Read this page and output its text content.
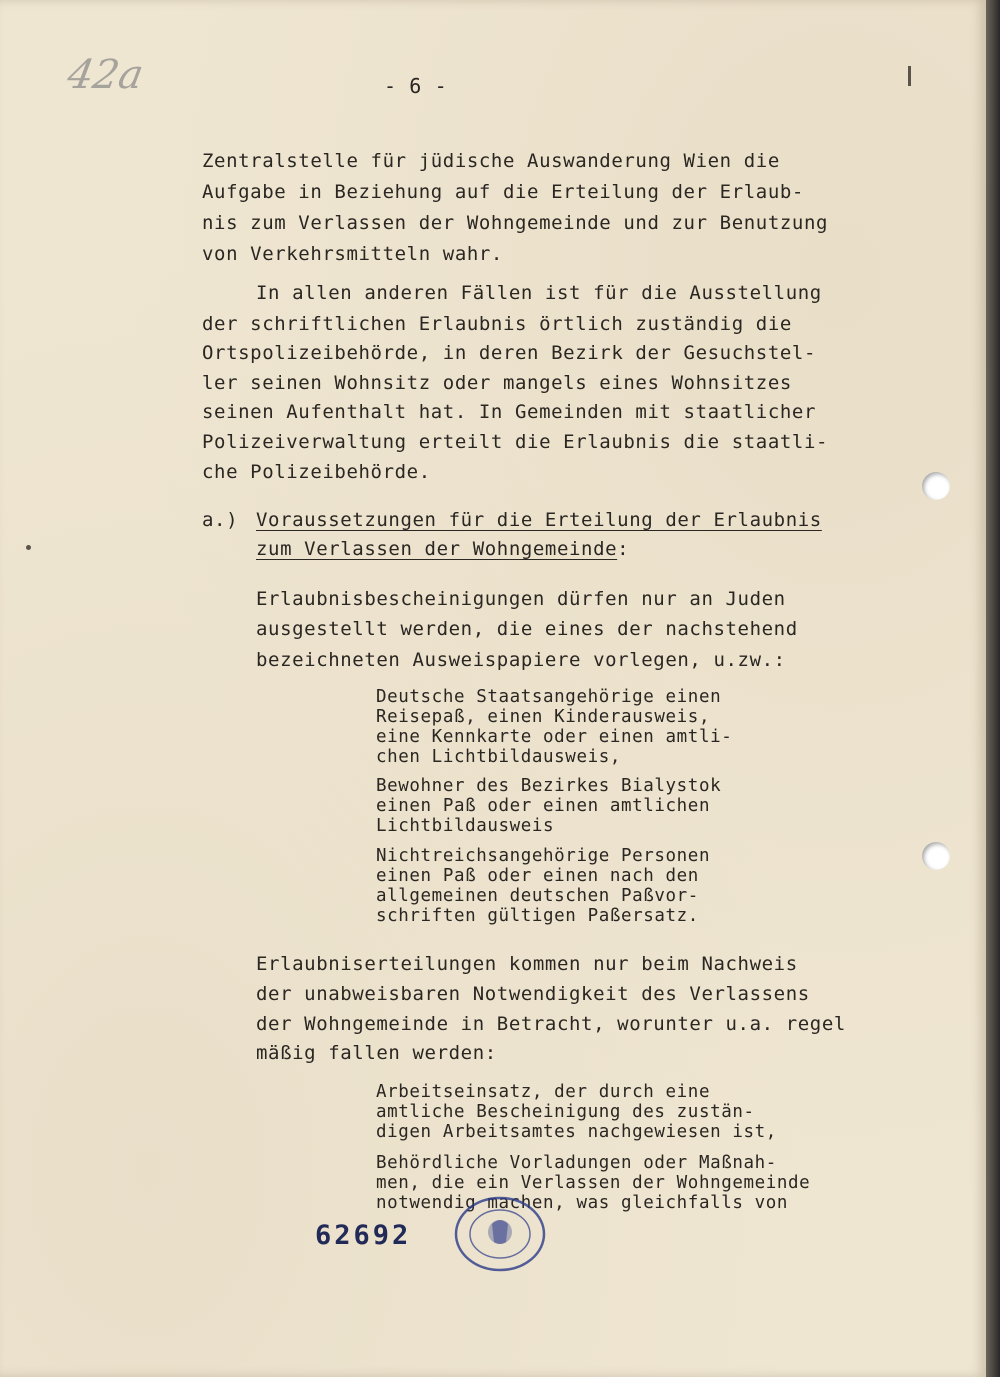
42a	- 6 -
Zentralstelle für jüdische Auswanderung Wien die
Aufgabe in Beziehung auf die Erteilung der Erlaub-
nis zum Verlassen der Wohngemeinde und zur Benutzung
von Verkehrsmitteln wahr.
In allen anderen Fällen ist für die Ausstellung
der schriftlichen Erlaubnis örtlich zuständig die
Ortspolizeibehörde, in deren Bezirk der Gesuchstel-
ler seinen Wohnsitz oder mangels eines Wohnsitzes
seinen Aufenthalt hat. In Gemeinden mit staatlicher
Polizeiverwaltung erteilt die Erlaubnis die staatli-
che Polizeibehörde.
a.) Voraussetzungen für die Erteilung der Erlaubnis
zum Verlassen der Wohngemeinde:
Erlaubnisbescheinigungen dürfen nur an Juden
ausgestellt werden, die eines der nachstehend
bezeichneten Ausweispapiere vorlegen, u.zw.:
Deutsche Staatsangehörige einen
Reisepaß, einen Kinderausweis,
eine Kennkarte oder einen amtli-
chen Lichtbildausweis,
Bewohner des Bezirkes Bialystok
einen Paß oder einen amtlichen
Lichtbildausweis
Nichtreichsangehörige Personen
einen Paß oder einen nach den
allgemeinen deutschen Paßvor-
schriften gültigen Paßersatz.
Erlaubniserteilungen kommen nur beim Nachweis
der unabweisbaren Notwendigkeit des Verlassens
der Wohngemeinde in Betracht, worunter u.a. regel
mäßig fallen werden:
Arbeitseinsatz, der durch eine
amtliche Bescheinigung des zustän-
digen Arbeitsamtes nachgewiesen ist,
Behördliche Vorladungen oder Maßnah-
men, die ein Verlassen der Wohngemeinde
notwendig machen, was gleichfalls von
62692
